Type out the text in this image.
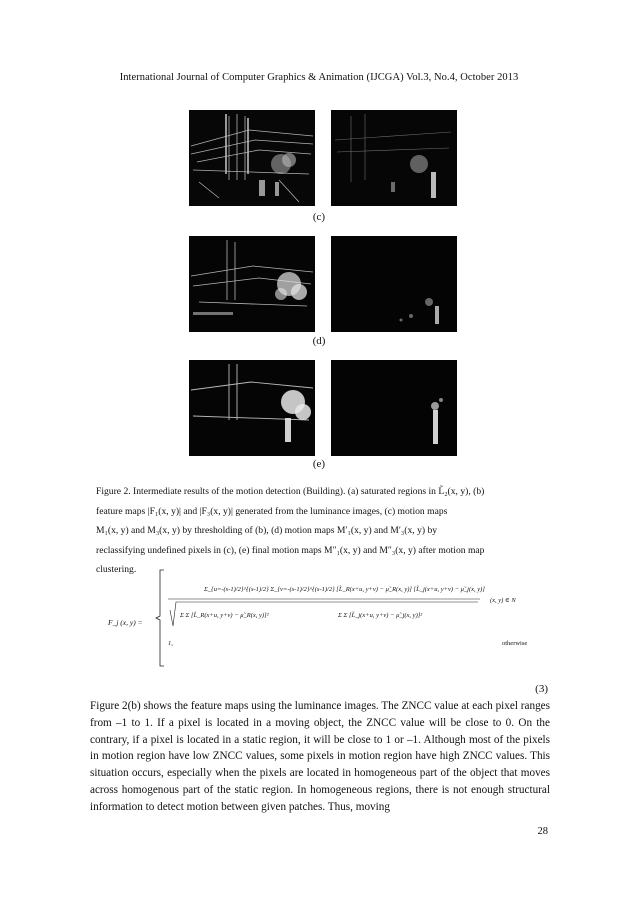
International Journal of Computer Graphics & Animation (IJCGA) Vol.3, No.4, October 2013
(c)
(d)
(e)
Figure 2. Intermediate results of the motion detection (Building). (a) saturated regions in L̃₂(x, y), (b)
feature maps |F₁(x, y)| and |F₃(x, y)| generated from the luminance images, (c) motion maps
M₁(x, y) and M₃(x, y) by thresholding of (b), (d) motion maps M′₁(x, y) and M′₃(x, y) by
reclassifying undefined pixels in (c), (e) final motion maps M″₁(x, y) and M″₃(x, y) after motion map
clustering.
F_j (x, y) =
Σ_{u=-(s-1)/2}^{(s-1)/2} Σ_{v=-(s-1)/2}^{(s-1)/2} [L̃_R(x+u, y+v) − μ̃_R(x, y)] [L̃_j(x+u, y+v) − μ̃_j(x, y)]
Σ Σ [L̃_R(x+u, y+v) − μ̃_R(x, y)]²	Σ Σ [L̃_j(x+u, y+v) − μ̃_j(x, y)]²
(x, y) ∈ N
1,	otherwise
(3)
Figure 2(b) shows the feature maps using the luminance images. The ZNCC value at each pixel ranges from –1 to 1. If a pixel is located in a moving object, the ZNCC value will be close to 0. On the contrary, if a pixel is located in a static region, it will be close to 1 or –1. Although most of the pixels in motion region have low ZNCC values, some pixels in motion region have high ZNCC values. This situation occurs, especially when the pixels are located in homogeneous part of the object that moves across homogenous part of the static region. In homogeneous regions, there is not enough structural information to detect motion between given patches. Thus, moving
28
